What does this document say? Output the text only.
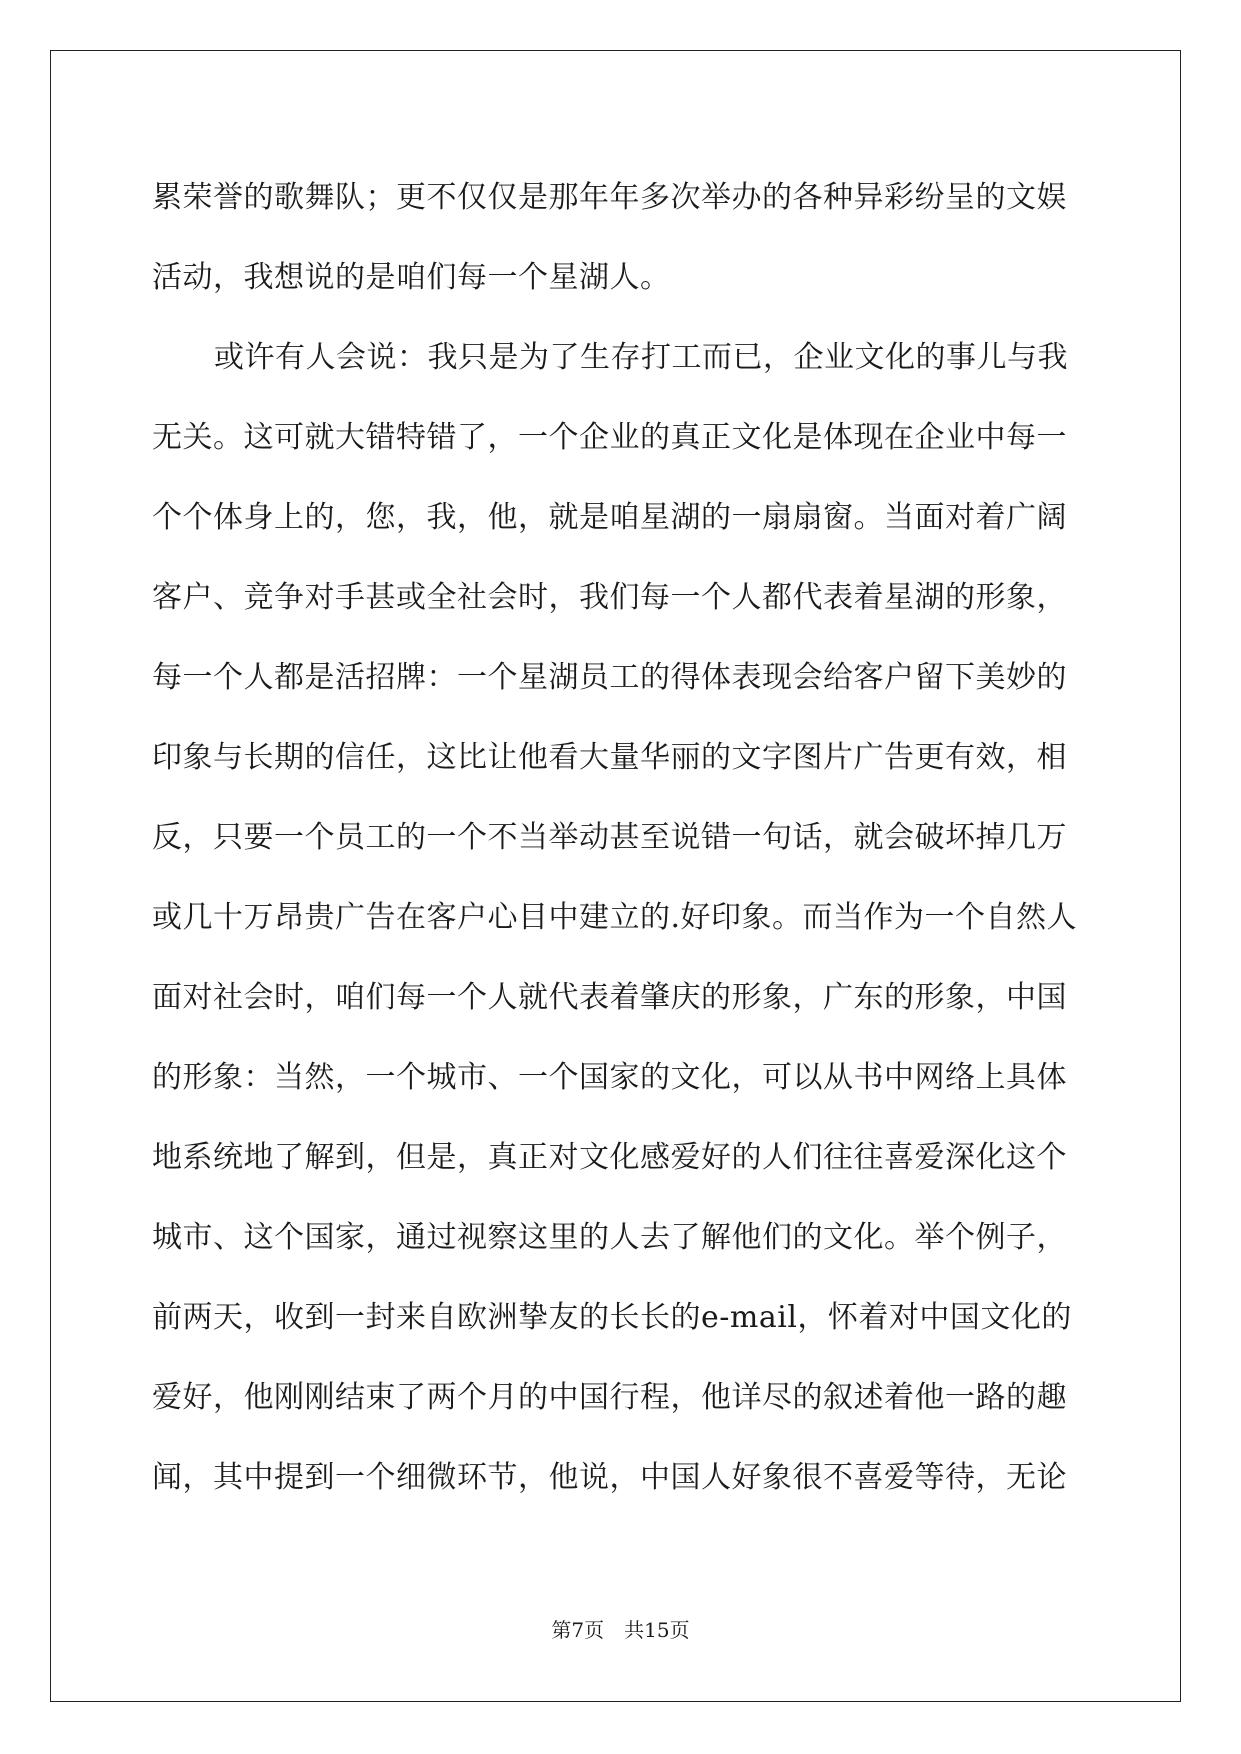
累荣誉的歌舞队；更不仅仅是那年年多次举办的各种异彩纷呈的文娱
活动，我想说的是咱们每一个星湖人。
或许有人会说：我只是为了生存打工而已，企业文化的事儿与我
无关。这可就大错特错了，一个企业的真正文化是体现在企业中每一
个个体身上的，您，我，他，就是咱星湖的一扇扇窗。当面对着广阔
客户、竞争对手甚或全社会时，我们每一个人都代表着星湖的形象，
每一个人都是活招牌：一个星湖员工的得体表现会给客户留下美妙的
印象与长期的信任，这比让他看大量华丽的文字图片广告更有效，相
反，只要一个员工的一个不当举动甚至说错一句话，就会破坏掉几万
或几十万昂贵广告在客户心目中建立的.好印象。而当作为一个自然人
面对社会时，咱们每一个人就代表着肇庆的形象，广东的形象，中国
的形象：当然，一个城市、一个国家的文化，可以从书中网络上具体
地系统地了解到，但是，真正对文化感爱好的人们往往喜爱深化这个
城市、这个国家，通过视察这里的人去了解他们的文化。举个例子，
前两天，收到一封来自欧洲挚友的长长的e-mail，怀着对中国文化的
爱好，他刚刚结束了两个月的中国行程，他详尽的叙述着他一路的趣
闻，其中提到一个细微环节，他说，中国人好象很不喜爱等待，无论
第7页 共15页
